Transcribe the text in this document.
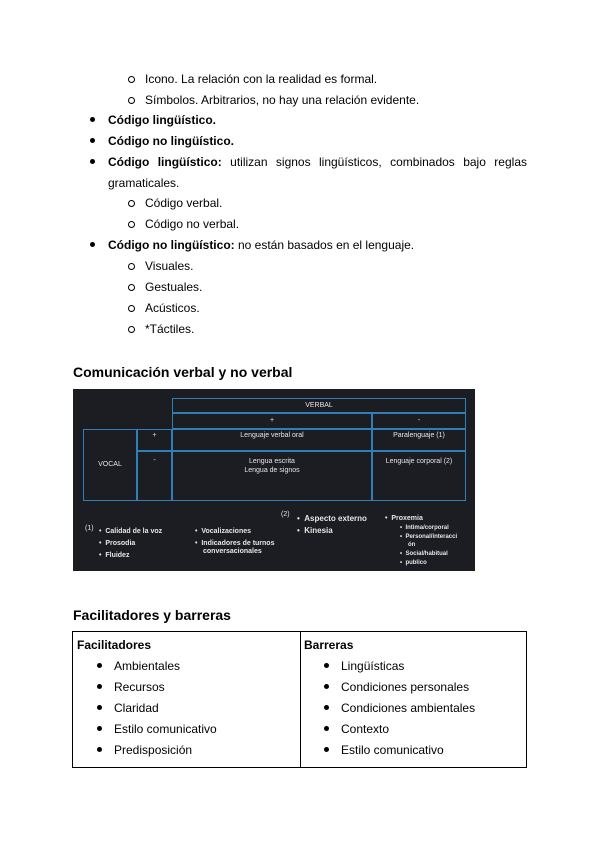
Icono. La relación con la realidad es formal.
Símbolos. Arbitrarios, no hay una relación evidente.
Código lingüístico.
Código no lingüístico.
Código lingüístico: utilizan signos lingüísticos, combinados bajo reglas
gramaticales.
Código verbal.
Código no verbal.
Código no lingüístico: no están basados en el lenguaje.
Visuales.
Gestuales.
Acústicos.
*Táctiles.
Comunicación verbal y no verbal
VERBAL
+	-
VOCAL
+
-
Lenguaje verbal oral	Paralenguaje (1)
Lengua escrita
Lengua de signos
Lenguaje corporal (2)
(1) •  Calidad de la voz
•  Prosodia
•  Fluidez
•  Vocalizaciones
•  Indicadores de turnos
conversacionales
(2) •  Aspecto externo
•  Kinesia
•  Proxemia
•  Intima/corporal
•  Personal/interacci
ón
•  Social/habitual
•  publico
Facilitadores y barreras
Facilitadores
Ambientales
Recursos
Claridad
Estilo comunicativo
Predisposición
Barreras
Lingüísticas
Condiciones personales
Condiciones ambientales
Contexto
Estilo comunicativo
